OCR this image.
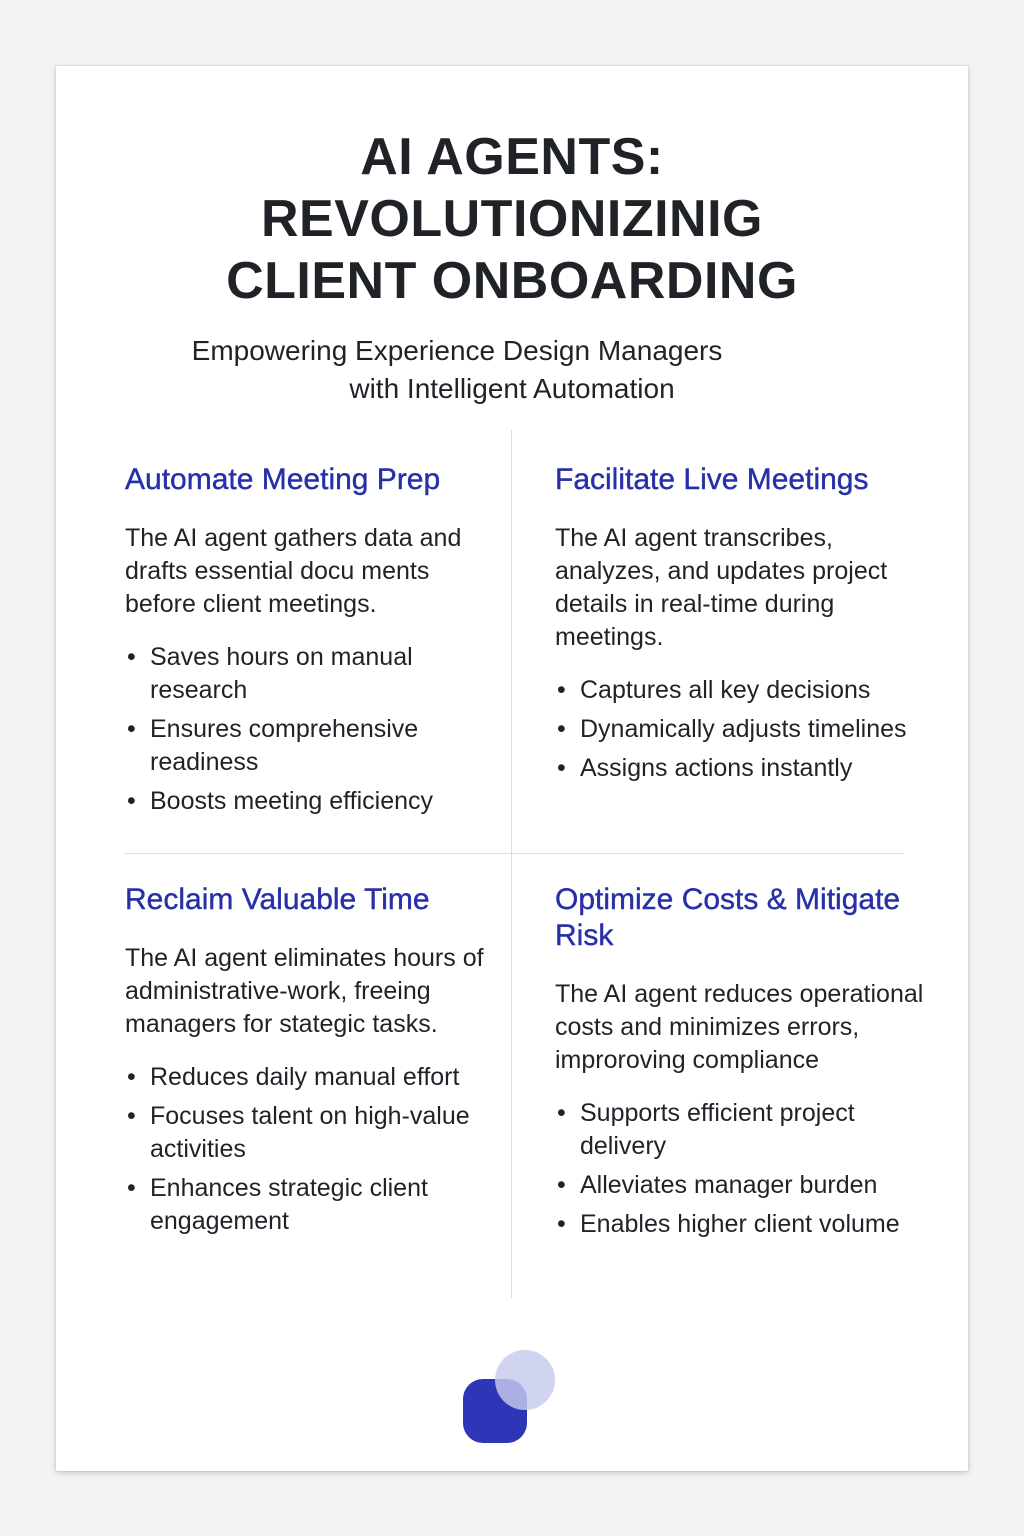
AI AGENTS:
REVOLUTIONIZINIG
CLIENT ONBOARDING
Empowering Experience Design Managers
with Intelligent Automation
Automate Meeting Prep

The AI agent gathers data and drafts essential docu ments before client meetings.

• Saves hours on manual research
• Ensures comprehensive readiness
• Boosts meeting efficiency
Facilitate Live Meetings

The AI agent transcribes, analyzes, and updates project details in real-time during meetings.

• Captures all key decisions
• Dynamically adjusts timelines
• Assigns actions instantly
Reclaim Valuable Time

The AI agent eliminates hours of administrative-work, freeing managers for stategic tasks.

• Reduces daily manual effort
• Focuses talent on high-value activities
• Enhances strategic client engagement
Optimize Costs & Mitigate Risk

The AI agent reduces operational costs and minimizes errors, improroving compliance

• Supports efficient project delivery
• Alleviates manager burden
• Enables higher client volume
